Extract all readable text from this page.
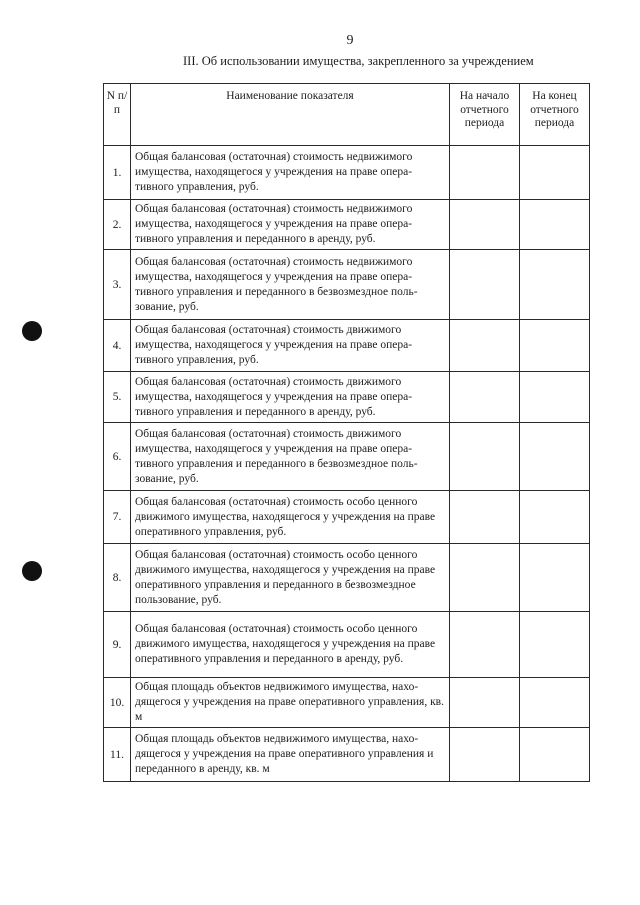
9
III. Об использовании имущества, закрепленного за учреждением
N п/п	Наименование показателя	На начало отчетного периода	На конец отчетного периода
1.	Общая балансовая (остаточная) стоимость недвижимого имущества, находящегося у учреждения на праве оперативного управления, руб.		
2.	Общая балансовая (остаточная) стоимость недвижимого имущества, находящегося у учреждения на праве оперативного управления и переданного в аренду, руб.		
3.	Общая балансовая (остаточная) стоимость недвижимого имущества, находящегося у учреждения на праве оперативного управления и переданного в безвозмездное пользование, руб.		
4.	Общая балансовая (остаточная) стоимость движимого имущества, находящегося у учреждения на праве оперативного управления, руб.		
5.	Общая балансовая (остаточная) стоимость движимого имущества, находящегося у учреждения на праве оперативного управления и переданного в аренду, руб.		
6.	Общая балансовая (остаточная) стоимость движимого имущества, находящегося у учреждения на праве оперативного управления и переданного в безвозмездное пользование, руб.		
7.	Общая балансовая (остаточная) стоимость особо ценного движимого имущества, находящегося у учреждения на праве оперативного управления, руб.		
8.	Общая балансовая (остаточная) стоимость особо ценного движимого имущества, находящегося у учреждения на праве оперативного управления и переданного в безвозмездное пользование, руб.		
9.	Общая балансовая (остаточная) стоимость особо ценного движимого имущества, находящегося у учреждения на праве оперативного управления и переданного в аренду, руб.		
10.	Общая площадь объектов недвижимого имущества, находящегося у учреждения на праве оперативного управления, кв. м		
11.	Общая площадь объектов недвижимого имущества, находящегося у учреждения на праве оперативного управления и переданного в аренду, кв. м		
